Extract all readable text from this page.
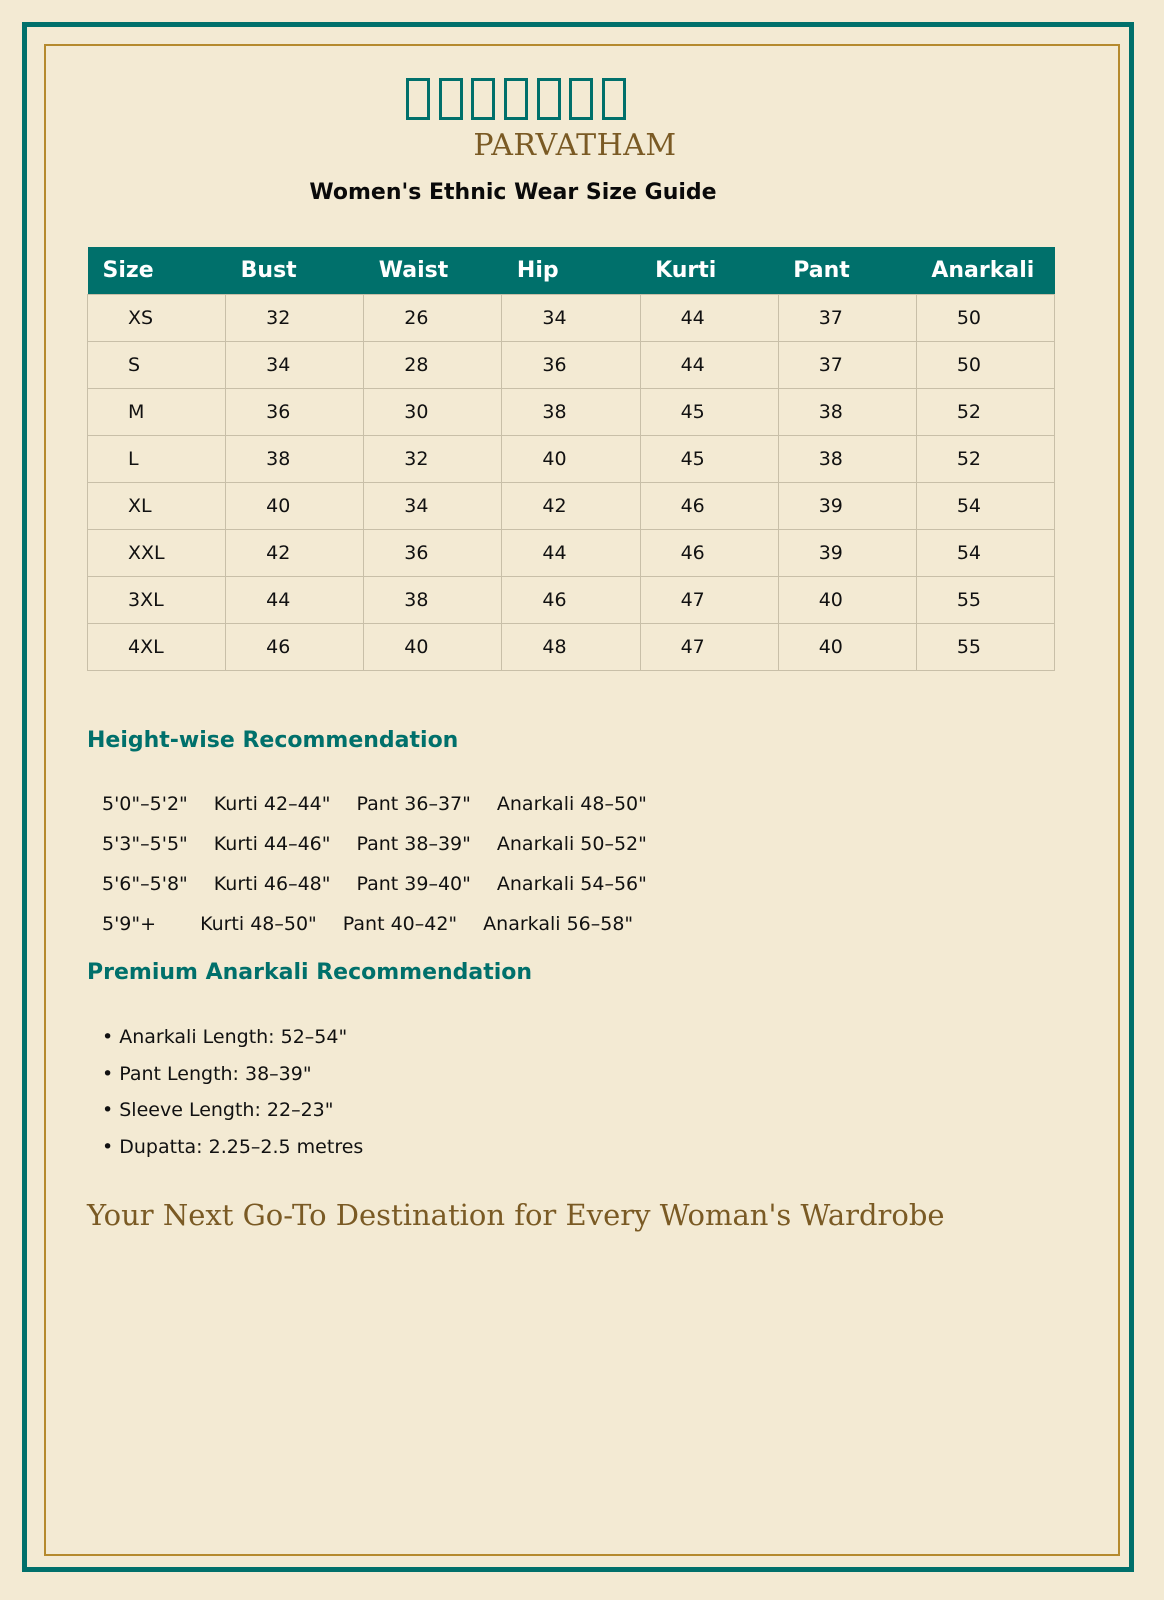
PARVATHAM
Women's Ethnic Wear Size Guide
Size	Bust	Waist	Hip	Kurti	Pant	Anarkali
XS	32	26	34	44	37	50
S	34	28	36	44	37	50
M	36	30	38	45	38	52
L	38	32	40	45	38	52
XL	40	34	42	46	39	54
XXL	42	36	44	46	39	54
3XL	44	38	46	47	40	55
4XL	46	40	48	47	40	55
Height-wise Recommendation
5'0"–5'2" Kurti 42–44" Pant 36–37" Anarkali 48–50"
5'3"–5'5" Kurti 44–46" Pant 38–39" Anarkali 50–52"
5'6"–5'8" Kurti 46–48" Pant 39–40" Anarkali 54–56"
5'9"+ Kurti 48–50" Pant 40–42" Anarkali 56–58"
Premium Anarkali Recommendation
• Anarkali Length: 52–54"
• Pant Length: 38–39"
• Sleeve Length: 22–23"
• Dupatta: 2.25–2.5 metres
Your Next Go-To Destination for Every Woman's Wardrobe
